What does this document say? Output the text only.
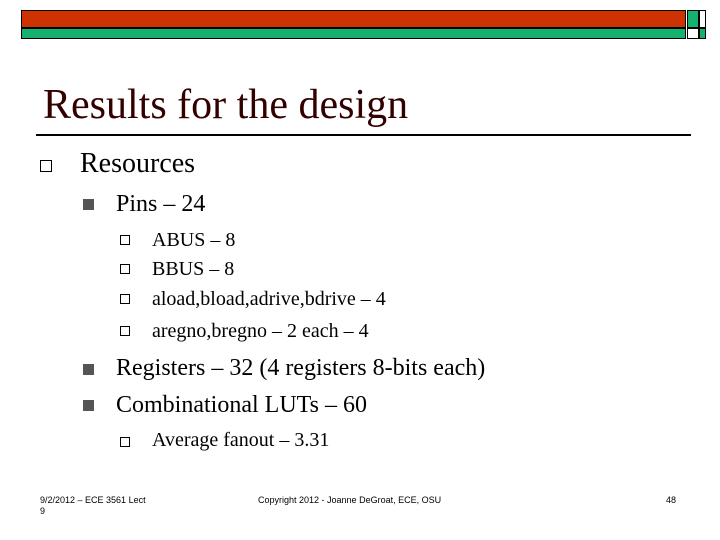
Results for the design
Resources
Pins – 24
ABUS – 8
BBUS – 8
aload,bload,adrive,bdrive – 4
aregno,bregno – 2 each – 4
Registers – 32 (4 registers 8-bits each)
Combinational LUTs – 60
Average fanout – 3.31
9/2/2012 – ECE 3561 Lect
9
Copyright 2012 - Joanne DeGroat, ECE, OSU	48
